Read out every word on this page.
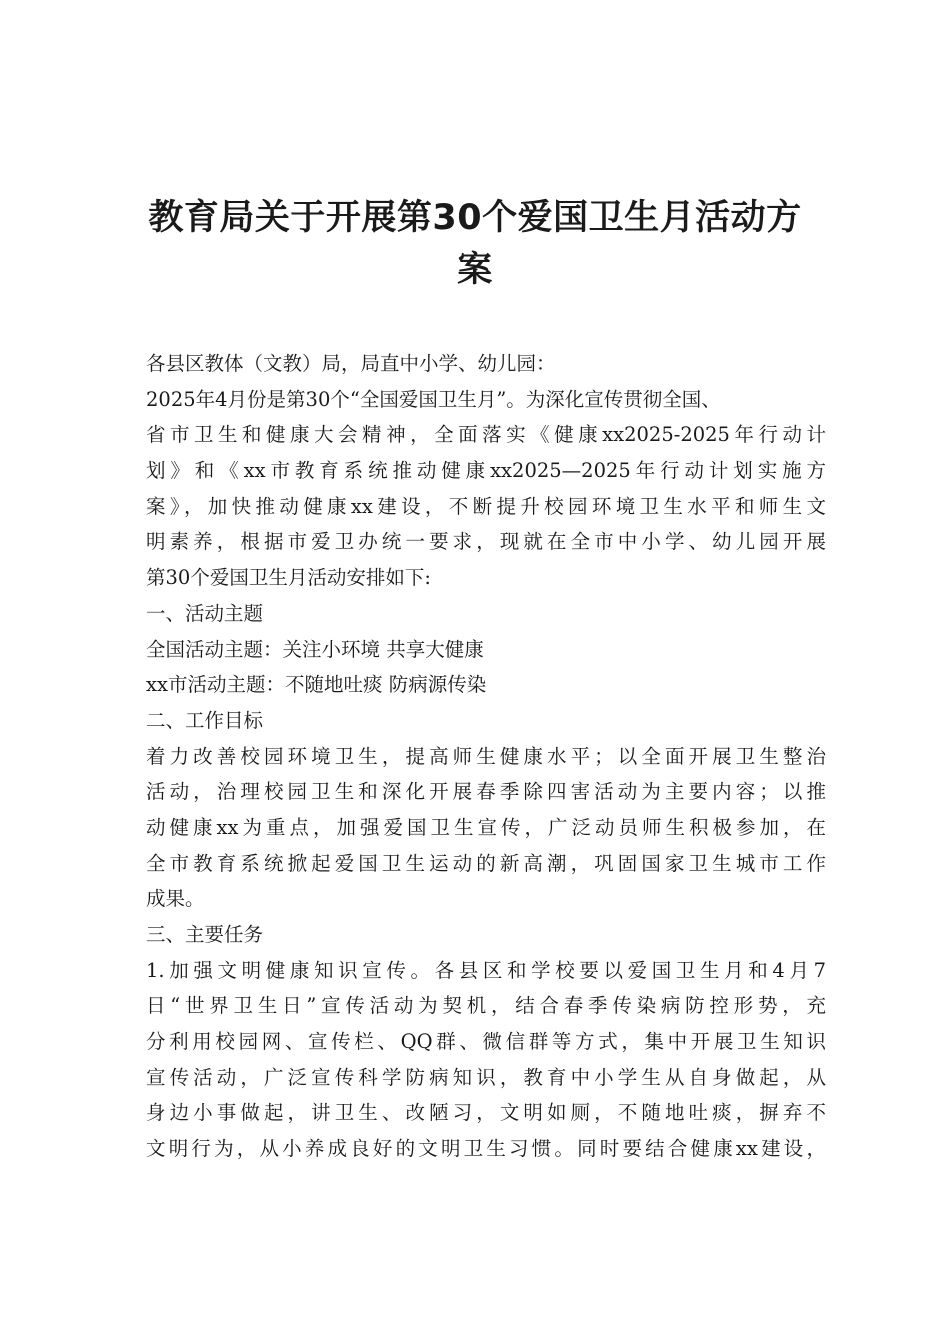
教育局关于开展第30个爱国卫生月活动方
案
各县区教体（文教）局，局直中小学、幼儿园：
2025年4月份是第30个“全国爱国卫生月”。为深化宣传贯彻全国、
省市卫生和健康大会精神，全面落实《健康xx2025-2025年行动计
划》和《xx市教育系统推动健康xx2025—2025年行动计划实施方
案》，加快推动健康xx建设，不断提升校园环境卫生水平和师生文
明素养，根据市爱卫办统一要求，现就在全市中小学、幼儿园开展
第30个爱国卫生月活动安排如下:
一、活动主题
全国活动主题：关注小环境 共享大健康
xx市活动主题：不随地吐痰 防病源传染
二、工作目标
着力改善校园环境卫生，提高师生健康水平；以全面开展卫生整治
活动，治理校园卫生和深化开展春季除四害活动为主要内容；以推
动健康xx为重点，加强爱国卫生宣传，广泛动员师生积极参加，在
全市教育系统掀起爱国卫生运动的新高潮，巩固国家卫生城市工作
成果。
三、主要任务
1.加强文明健康知识宣传。各县区和学校要以爱国卫生月和4月7
日“世界卫生日”宣传活动为契机，结合春季传染病防控形势，充
分利用校园网、宣传栏、QQ群、微信群等方式，集中开展卫生知识
宣传活动，广泛宣传科学防病知识，教育中小学生从自身做起，从
身边小事做起，讲卫生、改陋习，文明如厕，不随地吐痰，摒弃不
文明行为，从小养成良好的文明卫生习惯。同时要结合健康xx建设，
